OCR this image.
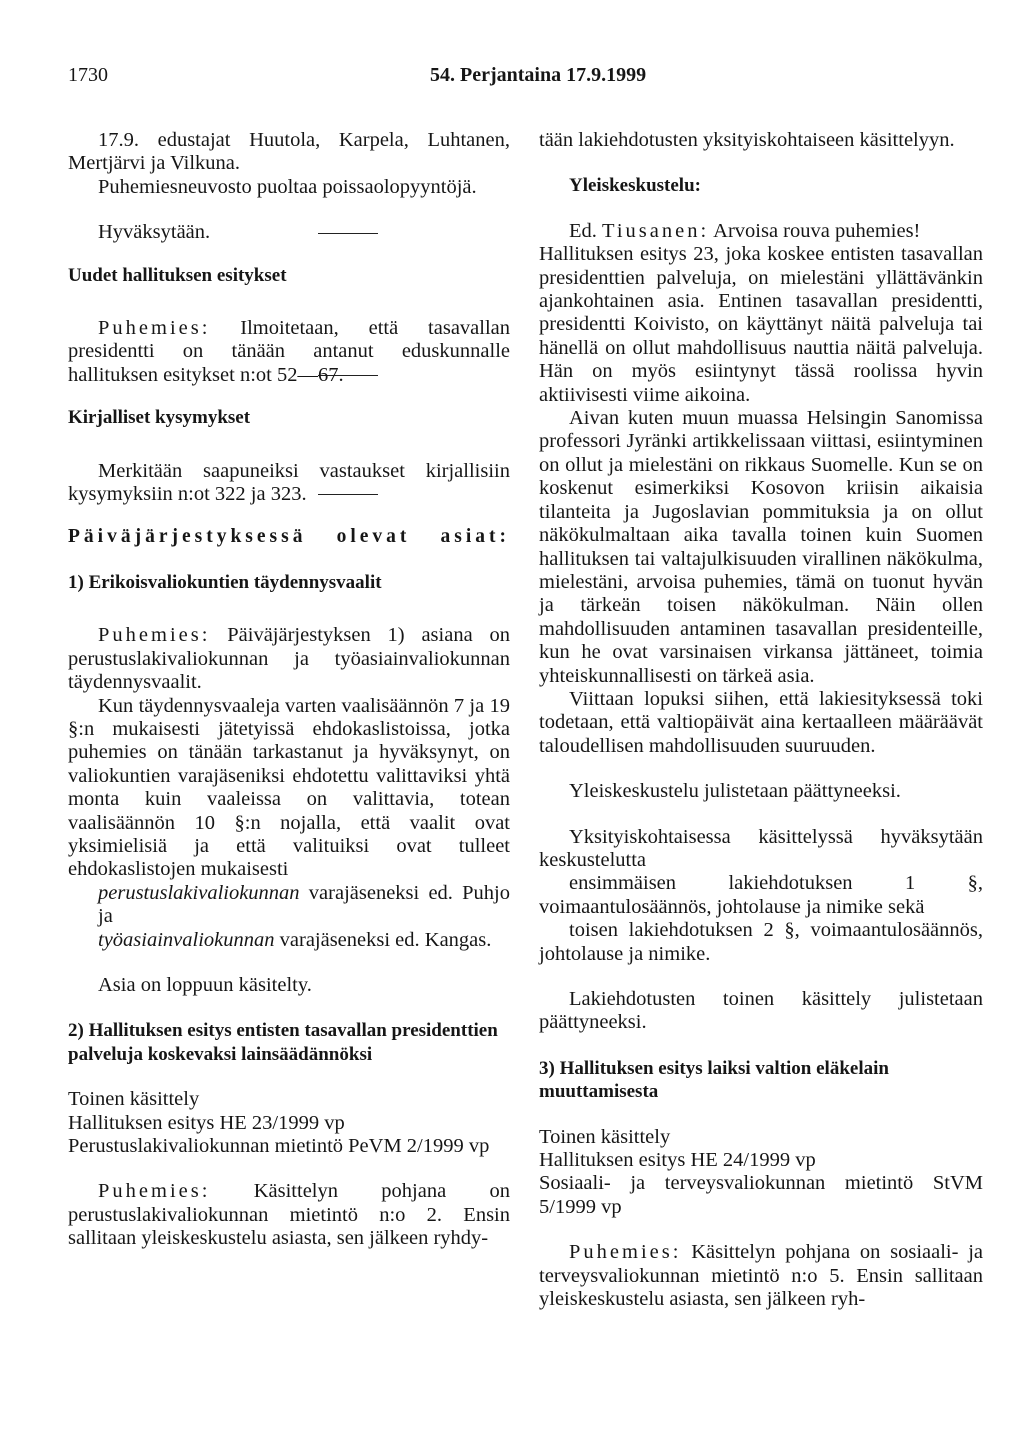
1730	54. Perjantaina 17.9.1999

17.9. edustajat Huutola, Karpela, Luhtanen, Mertjärvi ja Vilkuna.

Puhemiesneuvosto puoltaa poissaolopyyntöjä.

Hyväksytään.

Uudet hallituksen esitykset

Puhemies: Ilmoitetaan, että tasavallan presidentti on tänään antanut eduskunnalle hallituksen esitykset n:ot 52—67.

Kirjalliset kysymykset

Merkitään saapuneiksi vastaukset kirjallisiin kysymyksiin n:ot 322 ja 323.

Päiväjärjestyksessä olevat asiat:

1) Erikoisvaliokuntien täydennysvaalit

Puhemies: Päiväjärjestyksen 1) asiana on perustuslakivaliokunnan ja työasiainvaliokunnan täydennysvaalit.

Kun täydennysvaaleja varten vaalisäännön 7 ja 19 §:n mukaisesti jätetyissä ehdokaslistoissa, jotka puhemies on tänään tarkastanut ja hyväksynyt, on valiokuntien varajäseniksi ehdotettu valittaviksi yhtä monta kuin vaaleissa on valittavia, totean vaalisäännön 10 §:n nojalla, että vaalit ovat yksimielisiä ja että valituiksi ovat tulleet ehdokaslistojen mukaisesti

perustuslakivaliokunnan varajäseneksi ed. Puhjo ja

työasiainvaliokunnan varajäseneksi ed. Kangas.

Asia on loppuun käsitelty.

2) Hallituksen esitys entisten tasavallan presidenttien palveluja koskevaksi lainsäädännöksi

Toinen käsittely

Hallituksen esitys HE 23/1999 vp

Perustuslakivaliokunnan mietintö PeVM 2/1999 vp

Puhemies: Käsittelyn pohjana on perustuslakivaliokunnan mietintö n:o 2. Ensin sallitaan yleiskeskustelu asiasta, sen jälkeen ryhdy-

tään lakiehdotusten yksityiskohtaiseen käsittelyyn.

Yleiskeskustelu:

Ed. Tiusanen: Arvoisa rouva puhemies!

Hallituksen esitys 23, joka koskee entisten tasavallan presidenttien palveluja, on mielestäni yllättävänkin ajankohtainen asia. Entinen tasavallan presidentti, presidentti Koivisto, on käyttänyt näitä palveluja tai hänellä on ollut mahdollisuus nauttia näitä palveluja. Hän on myös esiintynyt tässä roolissa hyvin aktiivisesti viime aikoina.

Aivan kuten muun muassa Helsingin Sanomissa professori Jyränki artikkelissaan viittasi, esiintyminen on ollut ja mielestäni on rikkaus Suomelle. Kun se on koskenut esimerkiksi Kosovon kriisin aikaisia tilanteita ja Jugoslavian pommituksia ja on ollut näkökulmaltaan aika tavalla toinen kuin Suomen hallituksen tai valtajulkisuuden virallinen näkökulma, mielestäni, arvoisa puhemies, tämä on tuonut hyvän ja tärkeän toisen näkökulman. Näin ollen mahdollisuuden antaminen tasavallan presidenteille, kun he ovat varsinaisen virkansa jättäneet, toimia yhteiskunnallisesti on tärkeä asia.

Viittaan lopuksi siihen, että lakiesityksessä toki todetaan, että valtiopäivät aina kertaalleen määräävät taloudellisen mahdollisuuden suuruuden.

Yleiskeskustelu julistetaan päättyneeksi.

Yksityiskohtaisessa käsittelyssä hyväksytään keskustelutta

ensimmäisen lakiehdotuksen 1 §, voimaantulosäännös, johtolause ja nimike sekä

toisen lakiehdotuksen 2 §, voimaantulosäännös, johtolause ja nimike.

Lakiehdotusten toinen käsittely julistetaan päättyneeksi.

3) Hallituksen esitys laiksi valtion eläkelain muuttamisesta

Toinen käsittely

Hallituksen esitys HE 24/1999 vp

Sosiaali- ja terveysvaliokunnan mietintö StVM 5/1999 vp

Puhemies: Käsittelyn pohjana on sosiaali- ja terveysvaliokunnan mietintö n:o 5. Ensin sallitaan yleiskeskustelu asiasta, sen jälkeen ryh-
